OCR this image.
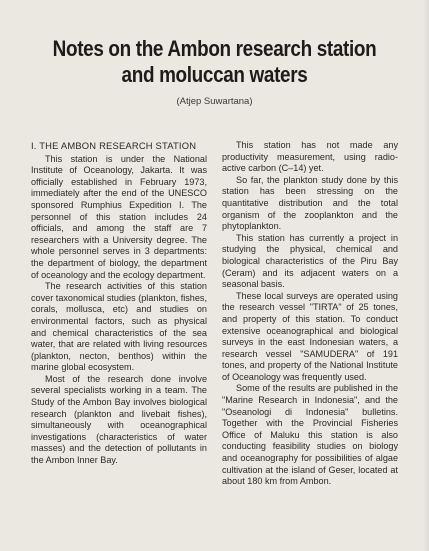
Notes on the Ambon research station
and moluccan waters
(Atjep Suwartana)
I. THE AMBON RESEARCH STATION

This station is under the National Institute of Oceanology, Jakarta. It was officially established in February 1973, immediately after the end of the UNESCO sponsored Rumphius Expedition I. The personnel of this station includes 24 officials, and among the staff are 7 researchers with a University degree. The whole personnel serves in 3 departments: the department of biology, the department of oceanology and the ecology department.

The research activities of this station cover taxonomical studies (plankton, fishes, corals, mollusca, etc) and studies on environmental factors, such as physical and chemical characteristics of the sea water, that are related with living resources (plankton, necton, benthos) within the marine global ecosystem.

Most of the research done involve several specialists working in a team. The Study of the Ambon Bay involves biological research (plankton and livebait fishes), simultaneously with oceanographical investigations (characteristics of water masses) and the detection of pollutants in the Ambon Inner Bay.

This station has not made any productivity measurement, using radio-active carbon (C–14) yet.

So far, the plankton study done by this station has been stressing on the quantitative distribution and the total organism of the zooplankton and the phytoplankton.

This station has currently a project in studying the physical, chemical and biological characteristics of the Piru Bay (Ceram) and its adjacent waters on a seasonal basis.

These local surveys are operated using the research vessel "TIRTA" of 25 tones, and property of this station. To conduct extensive oceanographical and biological surveys in the east Indonesian waters, a research vessel "SAMUDERA" of 191 tones, and property of the National Institute of Oceanology was frequently used.

Some of the results are published in the "Marine Research in Indonesia", and the "Oseanologi di Indonesia" bulletins. Together with the Provincial Fisheries Office of Maluku this station is also conducting feasibility studies on biology and oceanography for possibilities of algae cultivation at the island of Geser, located at about 180 km from Ambon.
